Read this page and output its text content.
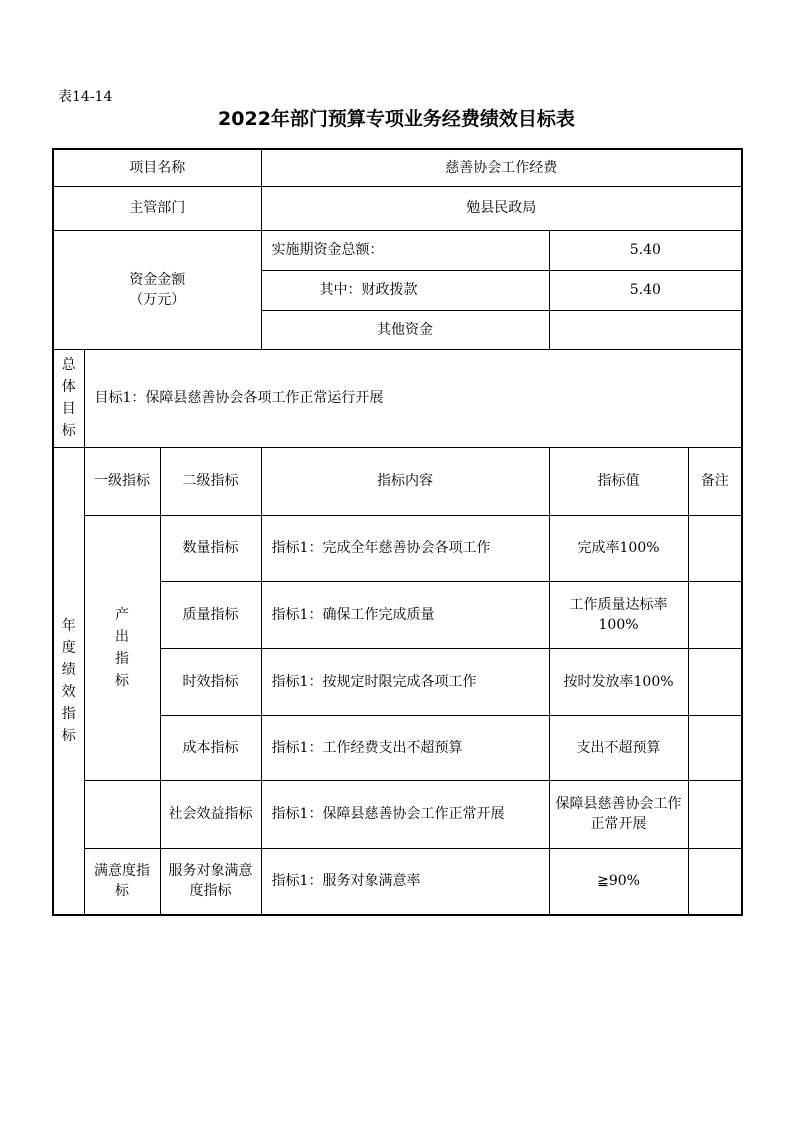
表14-14
2022年部门预算专项业务经费绩效目标表
项目名称			慈善协会工作经费		
主管部门			勉县民政局		

资金金额
（万元）			实施期资金总额：	5.40	
			其中：财政拨款	5.40	
			其他资金		

总体目标	目标1：保障县慈善协会各项工作正常运行开展				

年度绩效指标	一级指标	二级指标	指标内容	指标值	备注

	产出指标	数量指标	指标1：完成全年慈善协会各项工作	完成率100%	
		质量指标	指标1：确保工作完成质量	工作质量达标率100%	
		时效指标	指标1：按规定时限完成各项工作	按时发放率100%	
		成本指标	指标1：工作经费支出不超预算	支出不超预算	
		社会效益指标	指标1：保障县慈善协会工作正常开展	保障县慈善协会工作正常开展	
	满意度指标	服务对象满意度指标	指标1：服务对象满意率	≧90%	
